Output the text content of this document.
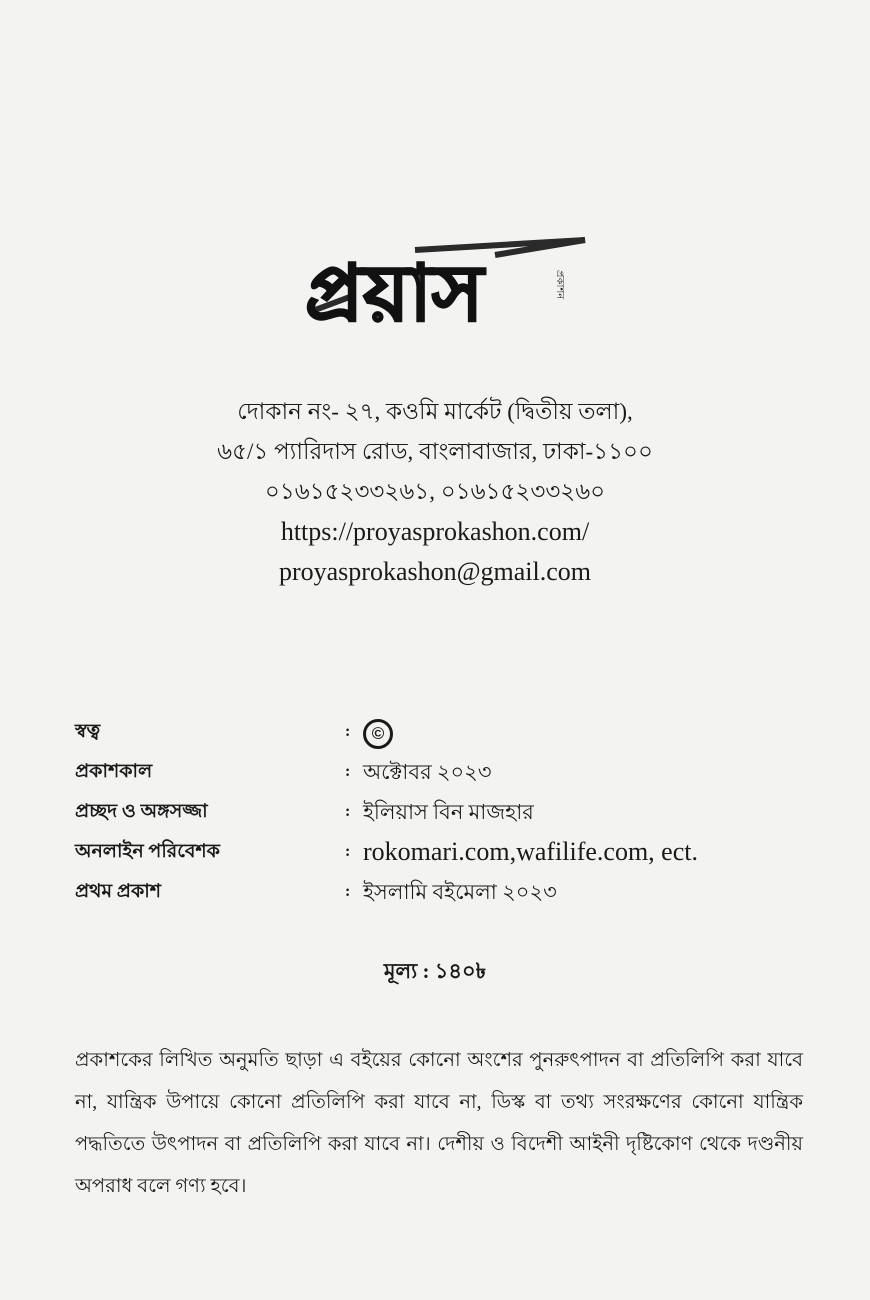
প্রয়াস	প্রকাশন
দোকান নং- ২৭, কওমি মার্কেট (দ্বিতীয় তলা),
৬৫/১ প্যারিদাস রোড, বাংলাবাজার, ঢাকা-১১০০
০১৬১৫২৩৩২৬১, ০১৬১৫২৩৩২৬০
https://proyasprokashon.com/
proyasprokashon@gmail.com
স্বত্ব	:	©
প্রকাশকাল	: অক্টোবর ২০২৩
প্রচ্ছদ ও অঙ্গসজ্জা	: ইলিয়াস বিন মাজহার
অনলাইন পরিবেশক	: rokomari.com,wafilife.com, ect.
প্রথম প্রকাশ	: ইসলামি বইমেলা ২০২৩
মূল্য : ১৪০৳
প্রকাশকের লিখিত অনুমতি ছাড়া এ বইয়ের কোনো অংশের পুনরুৎপাদন বা প্রতিলিপি করা যাবে না, যান্ত্রিক উপায়ে কোনো প্রতিলিপি করা যাবে না, ডিস্ক বা তথ্য সংরক্ষণের কোনো যান্ত্রিক পদ্ধতিতে উৎপাদন বা প্রতিলিপি করা যাবে না। দেশীয় ও বিদেশী আইনী দৃষ্টিকোণ থেকে দণ্ডনীয় অপরাধ বলে গণ্য হবে।
